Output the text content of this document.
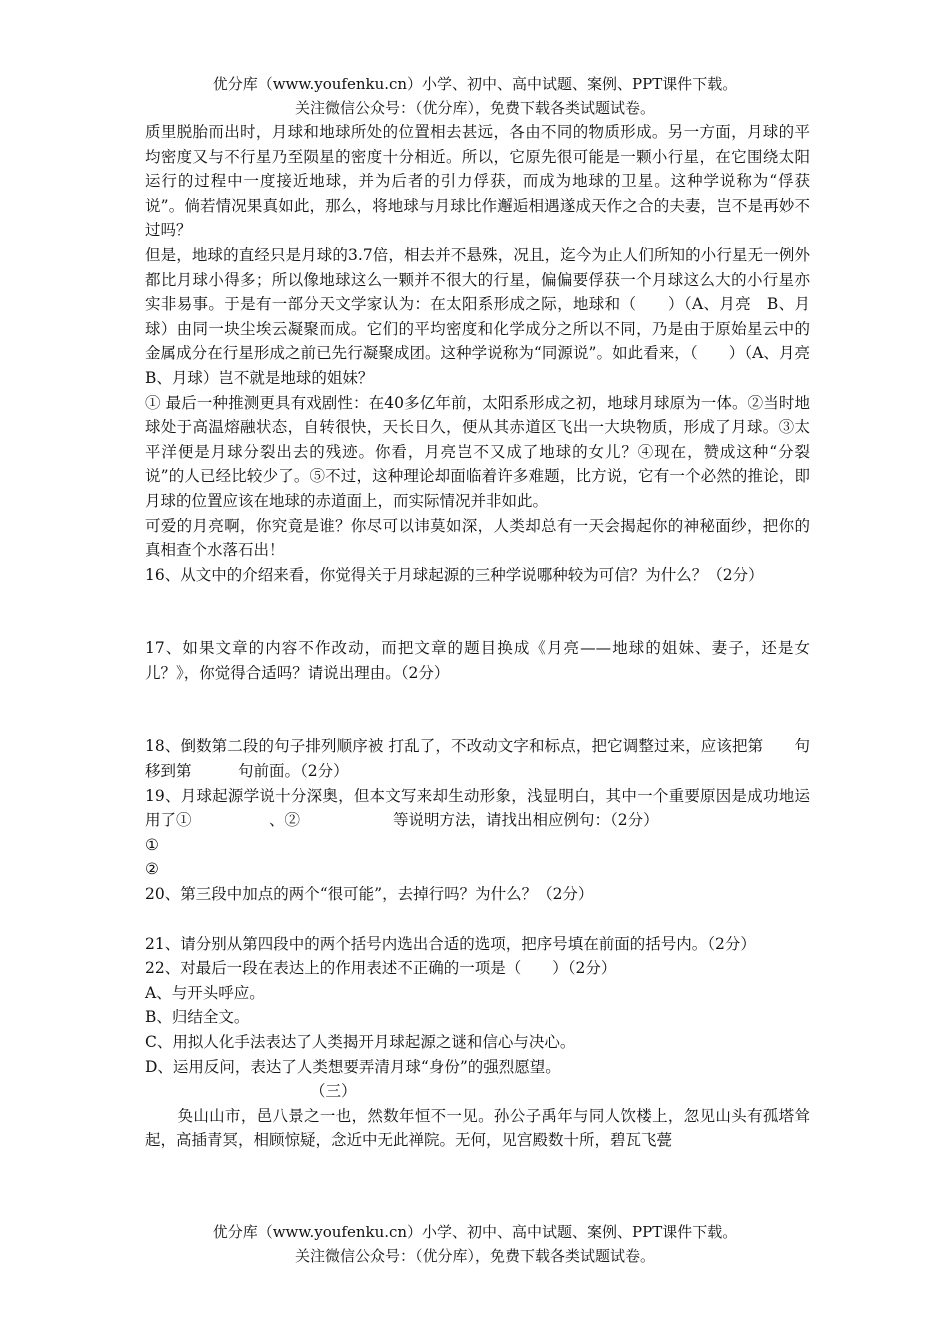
优分库（www.youfenku.cn）小学、初中、高中试题、案例、PPT课件下载。
关注微信公众号：（优分库），免费下载各类试题试卷。

质里脱胎而出时，月球和地球所处的位置相去甚远，各由不同的物质形成。另一方面，月球的平均密度又与不行星乃至陨星的密度十分相近。所以，它原先很可能是一颗小行星，在它围绕太阳运行的过程中一度接近地球，并为后者的引力俘获，而成为地球的卫星。这种学说称为“俘获说”。倘若情况果真如此，那么，将地球与月球比作邂逅相遇遂成天作之合的夫妻，岂不是再妙不过吗？

但是，地球的直经只是月球的3.7倍，相去并不悬殊，况且，迄今为止人们所知的小行星无一例外都比月球小得多；所以像地球这么一颗并不很大的行星，偏偏要俘获一个月球这么大的小行星亦实非易事。于是有一部分天文学家认为：在太阳系形成之际，地球和（　　）（A、月亮　B、月球）由同一块尘埃云凝聚而成。它们的平均密度和化学成分之所以不同，乃是由于原始星云中的金属成分在行星形成之前已先行凝聚成团。这种学说称为“同源说”。如此看来，（　　）（A、月亮　B、月球）岂不就是地球的姐妹？

① 最后一种推测更具有戏剧性：在40多亿年前，太阳系形成之初，地球月球原为一体。②当时地球处于高温熔融状态，自转很快，天长日久，便从其赤道区飞出一大块物质，形成了月球。③太平洋便是月球分裂出去的残迹。你看，月亮岂不又成了地球的女儿？④现在，赞成这种“分裂说”的人已经比较少了。⑤不过，这种理论却面临着许多难题，比方说，它有一个必然的推论，即月球的位置应该在地球的赤道面上，而实际情况并非如此。

可爱的月亮啊，你究竟是谁？你尽可以讳莫如深，人类却总有一天会揭起你的神秘面纱，把你的真相查个水落石出！

16、从文中的介绍来看，你觉得关于月球起源的三种学说哪种较为可信？为什么？（2分）

17、如果文章的内容不作改动，而把文章的题目换成《月亮——地球的姐妹、妻子，还是女儿？》，你觉得合适吗？请说出理由。（2分）

18、倒数第二段的句子排列顺序被 打乱了，不改动文字和标点，把它调整过来，应该把第　　句移到第　　　句前面。（2分）

19、月球起源学说十分深奥，但本文写来却生动形象，浅显明白，其中一个重要原因是成功地运用了①　　　　　、②　　　　　　等说明方法，请找出相应例句：（2分）

①

②

20、第三段中加点的两个“很可能”，去掉行吗？为什么？（2分）

21、请分别从第四段中的两个括号内选出合适的选项，把序号填在前面的括号内。（2分）

22、对最后一段在表达上的作用表述不正确的一项是（　　）（2分）

A、与开头呼应。

B、归结全文。

C、用拟人化手法表达了人类揭开月球起源之谜和信心与决心。

D、运用反问，表达了人类想要弄清月球“身份”的强烈愿望。

（三）

奂山山市，邑八景之一也，然数年恒不一见。孙公子禹年与同人饮楼上，忽见山头有孤塔耸起，高插青冥，相顾惊疑，念近中无此禅院。无何，见宫殿数十所，碧瓦飞甍

优分库（www.youfenku.cn）小学、初中、高中试题、案例、PPT课件下载。
关注微信公众号：（优分库），免费下载各类试题试卷。
